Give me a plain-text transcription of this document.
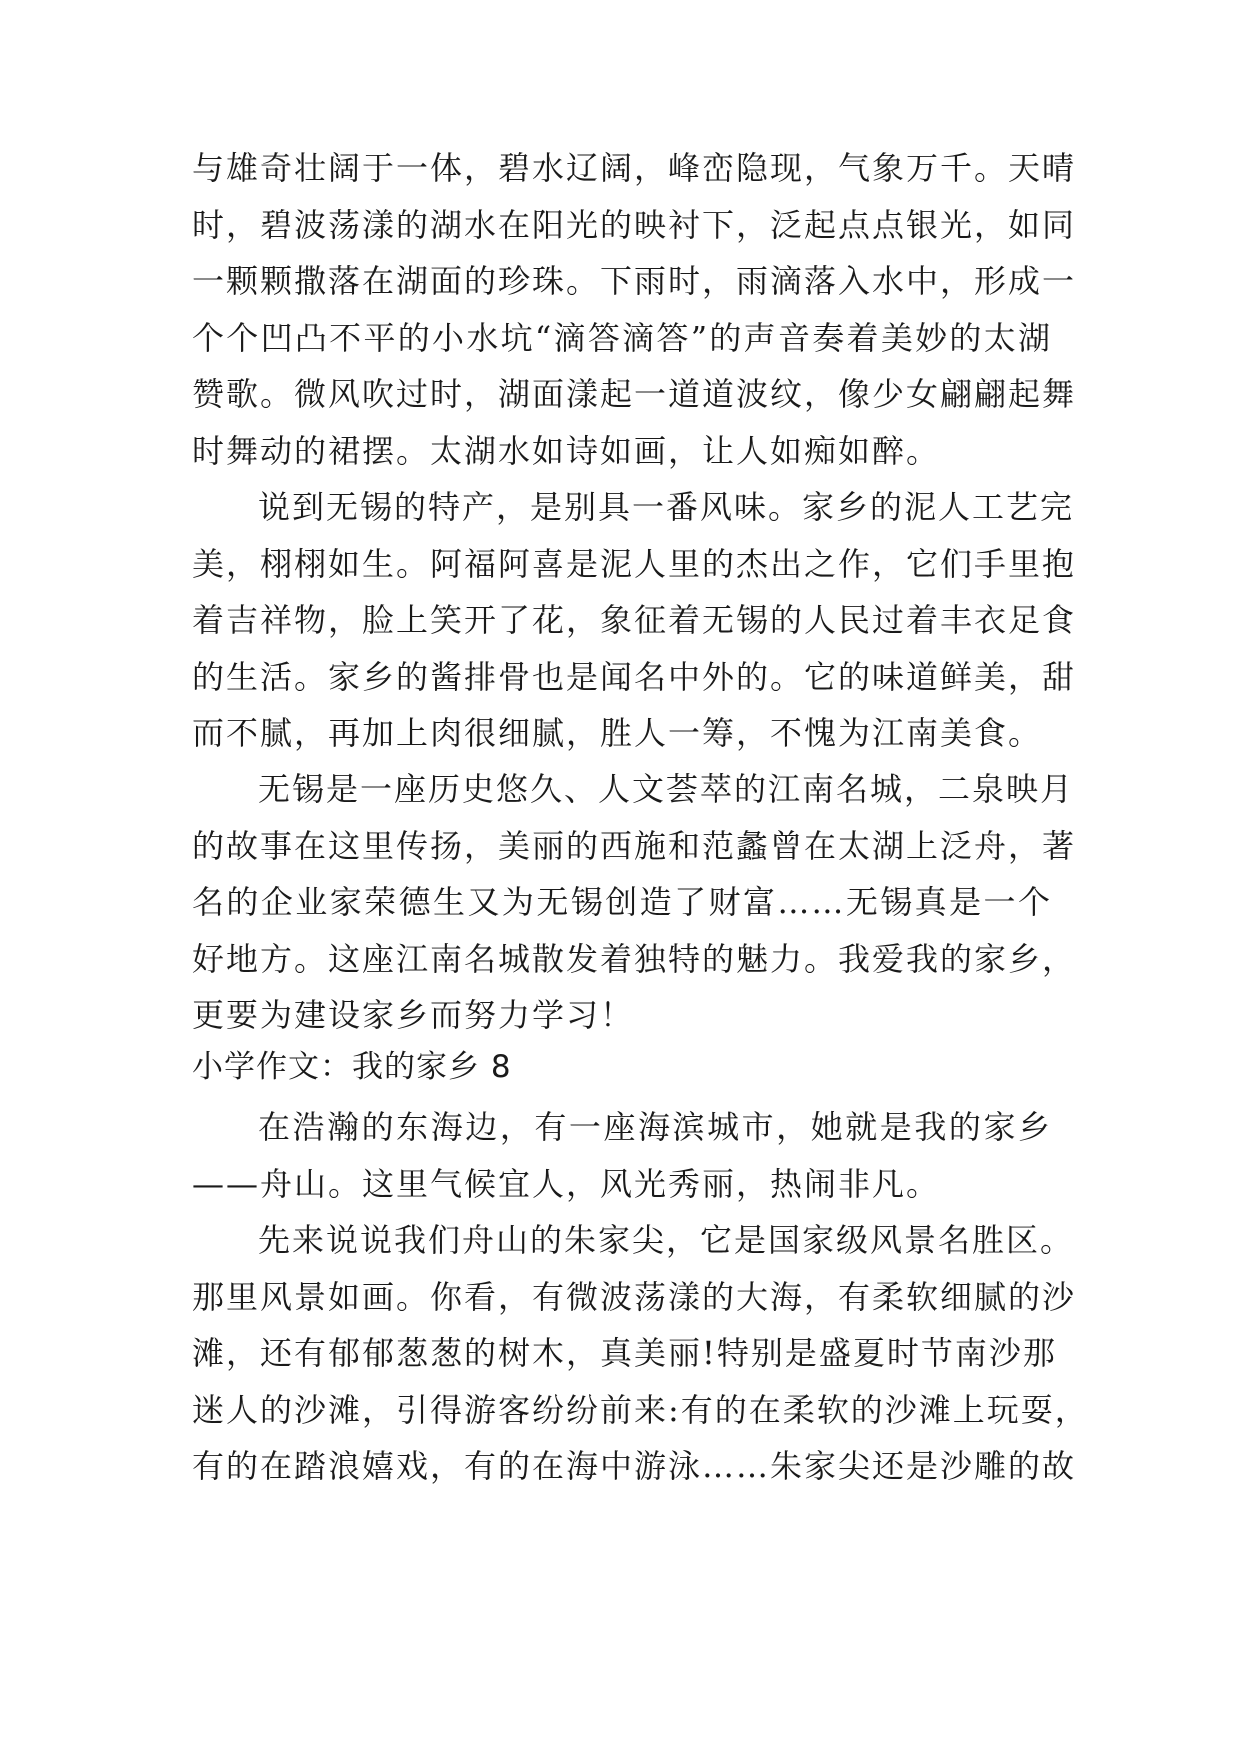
与雄奇壮阔于一体，碧水辽阔，峰峦隐现，气象万千。天晴
时，碧波荡漾的湖水在阳光的映衬下，泛起点点银光，如同
一颗颗撒落在湖面的珍珠。下雨时，雨滴落入水中，形成一
个个凹凸不平的小水坑“滴答滴答”的声音奏着美妙的太湖
赞歌。微风吹过时，湖面漾起一道道波纹，像少女翩翩起舞
时舞动的裙摆。太湖水如诗如画，让人如痴如醉。
说到无锡的特产，是别具一番风味。家乡的泥人工艺完
美，栩栩如生。阿福阿喜是泥人里的杰出之作，它们手里抱
着吉祥物，脸上笑开了花，象征着无锡的人民过着丰衣足食
的生活。家乡的酱排骨也是闻名中外的。它的味道鲜美，甜
而不腻，再加上肉很细腻，胜人一筹，不愧为江南美食。
无锡是一座历史悠久、人文荟萃的江南名城，二泉映月
的故事在这里传扬，美丽的西施和范蠡曾在太湖上泛舟，著
名的企业家荣德生又为无锡创造了财富……无锡真是一个
好地方。这座江南名城散发着独特的魅力。我爱我的家乡，
更要为建设家乡而努力学习！
小学作文：我的家乡 8
在浩瀚的东海边，有一座海滨城市，她就是我的家乡
——舟山。这里气候宜人，风光秀丽，热闹非凡。
先来说说我们舟山的朱家尖，它是国家级风景名胜区。
那里风景如画。你看，有微波荡漾的大海，有柔软细腻的沙
滩，还有郁郁葱葱的树木，真美丽!特别是盛夏时节南沙那
迷人的沙滩，引得游客纷纷前来:有的在柔软的沙滩上玩耍，
有的在踏浪嬉戏，有的在海中游泳……朱家尖还是沙雕的故
